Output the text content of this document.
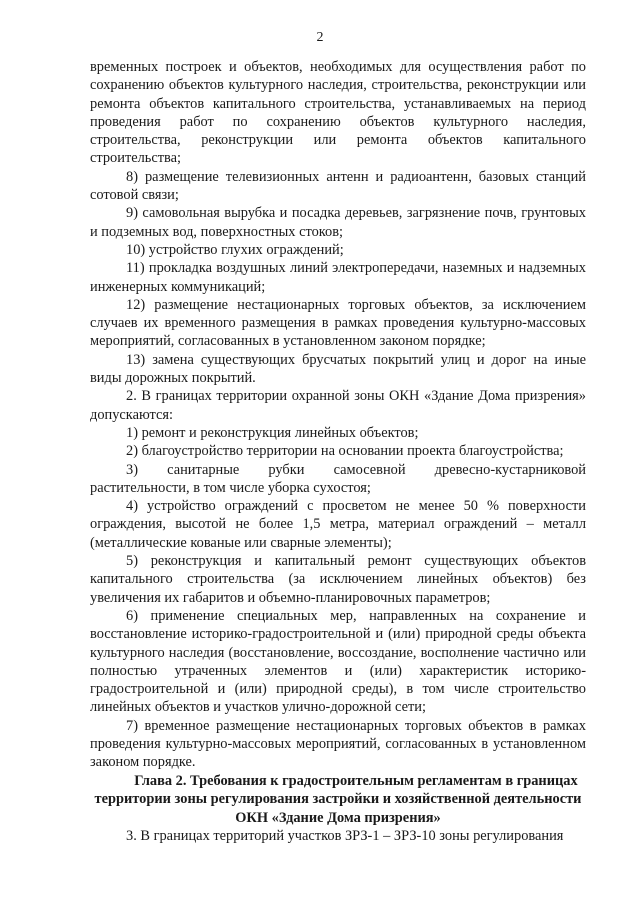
2

временных построек и объектов, необходимых для осуществления работ по сохранению объектов культурного наследия, строительства, реконструкции или ремонта объектов капитального строительства, устанавливаемых на период проведения работ по сохранению объектов культурного наследия, строительства, реконструкции или ремонта объектов капитального строительства;

8) размещение телевизионных антенн и радиоантенн, базовых станций сотовой связи;

9) самовольная вырубка и посадка деревьев, загрязнение почв, грунтовых и подземных вод, поверхностных стоков;

10) устройство глухих ограждений;

11) прокладка воздушных линий электропередачи, наземных и надземных инженерных коммуникаций;

12) размещение нестационарных торговых объектов, за исключением случаев их временного размещения в рамках проведения культурно-массовых мероприятий, согласованных в установленном законом порядке;

13) замена существующих брусчатых покрытий улиц и дорог на иные виды дорожных покрытий.

2. В границах территории охранной зоны ОКН «Здание Дома призрения» допускаются:

1) ремонт и реконструкция линейных объектов;

2) благоустройство территории на основании проекта благоустройства;

3) санитарные рубки самосевной древесно-кустарниковой растительности, в том числе уборка сухостоя;

4) устройство ограждений с просветом не менее 50 % поверхности ограждения, высотой не более 1,5 метра, материал ограждений – металл (металлические кованые или сварные элементы);

5) реконструкция и капитальный ремонт существующих объектов капитального строительства (за исключением линейных объектов) без увеличения их габаритов и объемно-планировочных параметров;

6) применение специальных мер, направленных на сохранение и восстановление историко-градостроительной и (или) природной среды объекта культурного наследия (восстановление, воссоздание, восполнение частично или полностью утраченных элементов и (или) характеристик историко-градостроительной и (или) природной среды), в том числе строительство линейных объектов и участков улично-дорожной сети;

7) временное размещение нестационарных торговых объектов в рамках проведения культурно-массовых мероприятий, согласованных в установленном законом порядке.

Глава 2. Требования к градостроительным регламентам в границах территории зоны регулирования застройки и хозяйственной деятельности ОКН «Здание Дома призрения»

3. В границах территорий участков ЗРЗ-1 – ЗРЗ-10 зоны регулирования
